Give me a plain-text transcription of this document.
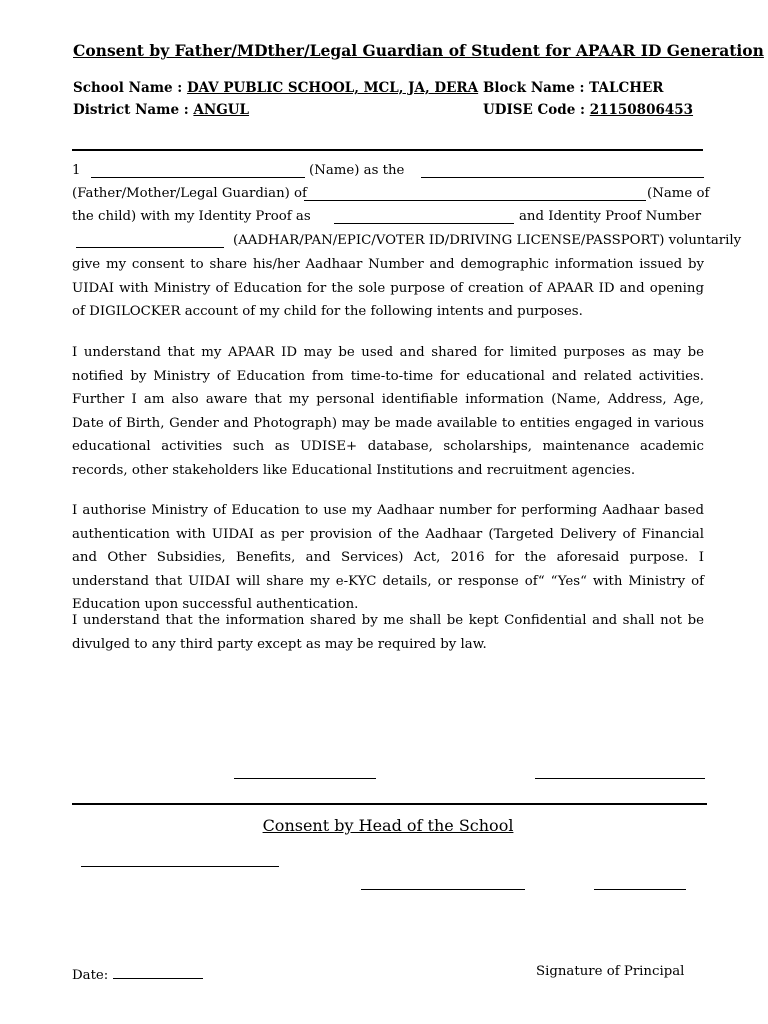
Consent by Father/MDther/Legal Guardian of Student for APAAR ID Generation
School Name : DAV PUBLIC SCHOOL, MCL, JA, DERA Block Name : TALCHER
District Name : ANGUL	UDISE Code : 21150806453
1	(Name) as the
(Father/Mother/Legal Guardian) of	(Name of
the child) with my Identity Proof as	and Identity Proof Number
(AADHAR/PAN/EPIC/VOTER ID/DRIVING LICENSE/PASSPORT) voluntarily
give my consent to share his/her Aadhaar Number and demographic information issued by UIDAI with Ministry of Education for the sole purpose of creation of APAAR ID and opening of DIGILOCKER account of my child for the following intents and purposes.
I understand that my APAAR ID may be used and shared for limited purposes as may be notified by Ministry of Education from time-to-time for educational and related activities. Further I am also aware that my personal identifiable information (Name, Address, Age, Date of Birth, Gender and Photograph) may be made available to entities engaged in various educational activities such as UDISE+ database, scholarships, maintenance academic records, other stakeholders like Educational Institutions and recruitment agencies.
I authorise Ministry of Education to use my Aadhaar number for performing Aadhaar based authentication with UIDAI as per provision of the Aadhaar (Targeted Delivery of Financial and Other Subsidies, Benefits, and Services) Act, 2016 for the aforesaid purpose. I understand that UIDAI will share my e-KYC details, or response of“ “Yes“ with Ministry of Education upon successful authentication.
I understand that the information shared by me shall be kept Confidential and shall not be divulged to any third party except as may be required by law.
Consent by Head of the School
Date:	Signature of Principal
